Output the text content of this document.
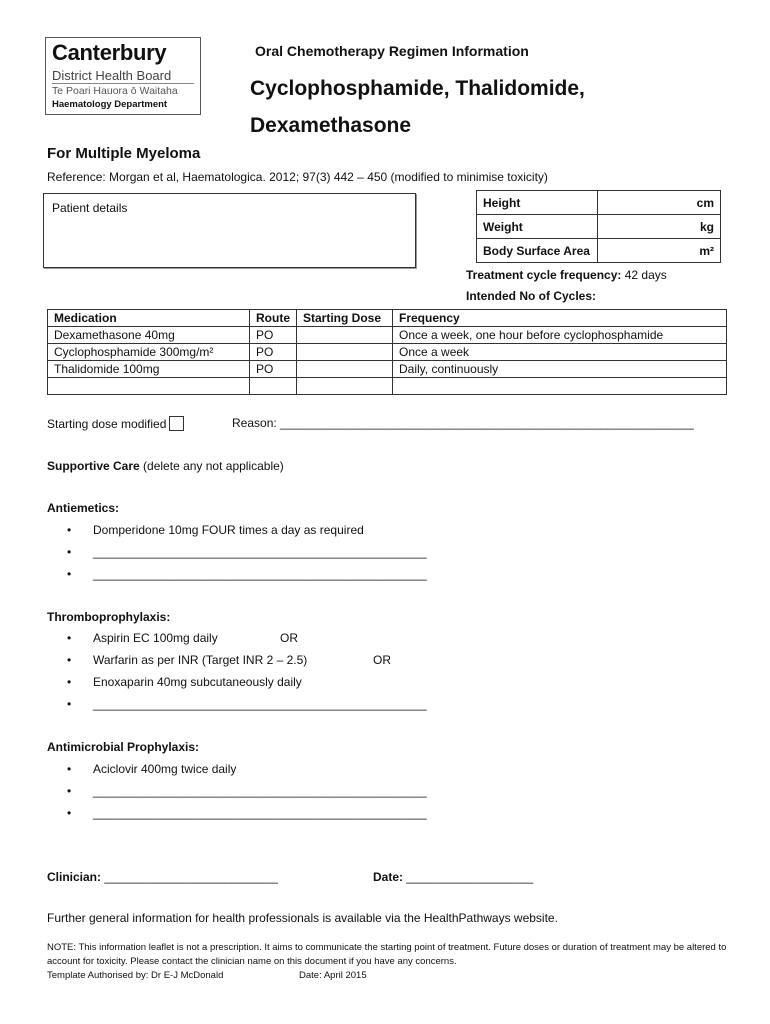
Canterbury
District Health Board
Te Poari Hauora ō Waitaha
Haematology Department
Oral Chemotherapy Regimen Information
Cyclophosphamide, Thalidomide,
Dexamethasone
For Multiple Myeloma
Reference: Morgan et al, Haematologica. 2012; 97(3) 442 – 450 (modified to minimise toxicity)
Patient details	Height	cm
Weight	kg
Body Surface Area	m²
Treatment cycle frequency: 42 days
Intended No of Cycles:
Medication	Route	Starting Dose	Frequency
Dexamethasone 40mg	PO		Once a week, one hour before cyclophosphamide
Cyclophosphamide 300mg/m²	PO		Once a week
Thalidomide 100mg	PO		Daily, continuously

Starting dose modified	Reason: ______________________________________________________________
Supportive Care (delete any not applicable)
Antiemetics:
• Domperidone 10mg FOUR times a day as required
• __________________________________________________
• __________________________________________________
Thromboprophylaxis:
• Aspirin EC 100mg daily	OR
• Warfarin as per INR (Target INR 2 – 2.5)	OR
• Enoxaparin 40mg subcutaneously daily
• __________________________________________________
Antimicrobial Prophylaxis:
• Aciclovir 400mg twice daily
• __________________________________________________
• __________________________________________________
Clinician: __________________________	Date: ___________________
Further general information for health professionals is available via the HealthPathways website.
NOTE: This information leaflet is not a prescription. It aims to communicate the starting point of treatment. Future doses or duration of treatment may be altered to account for toxicity. Please contact the clinician name on this document if you have any concerns.
Template Authorised by: Dr E-J McDonald	Date: April 2015
